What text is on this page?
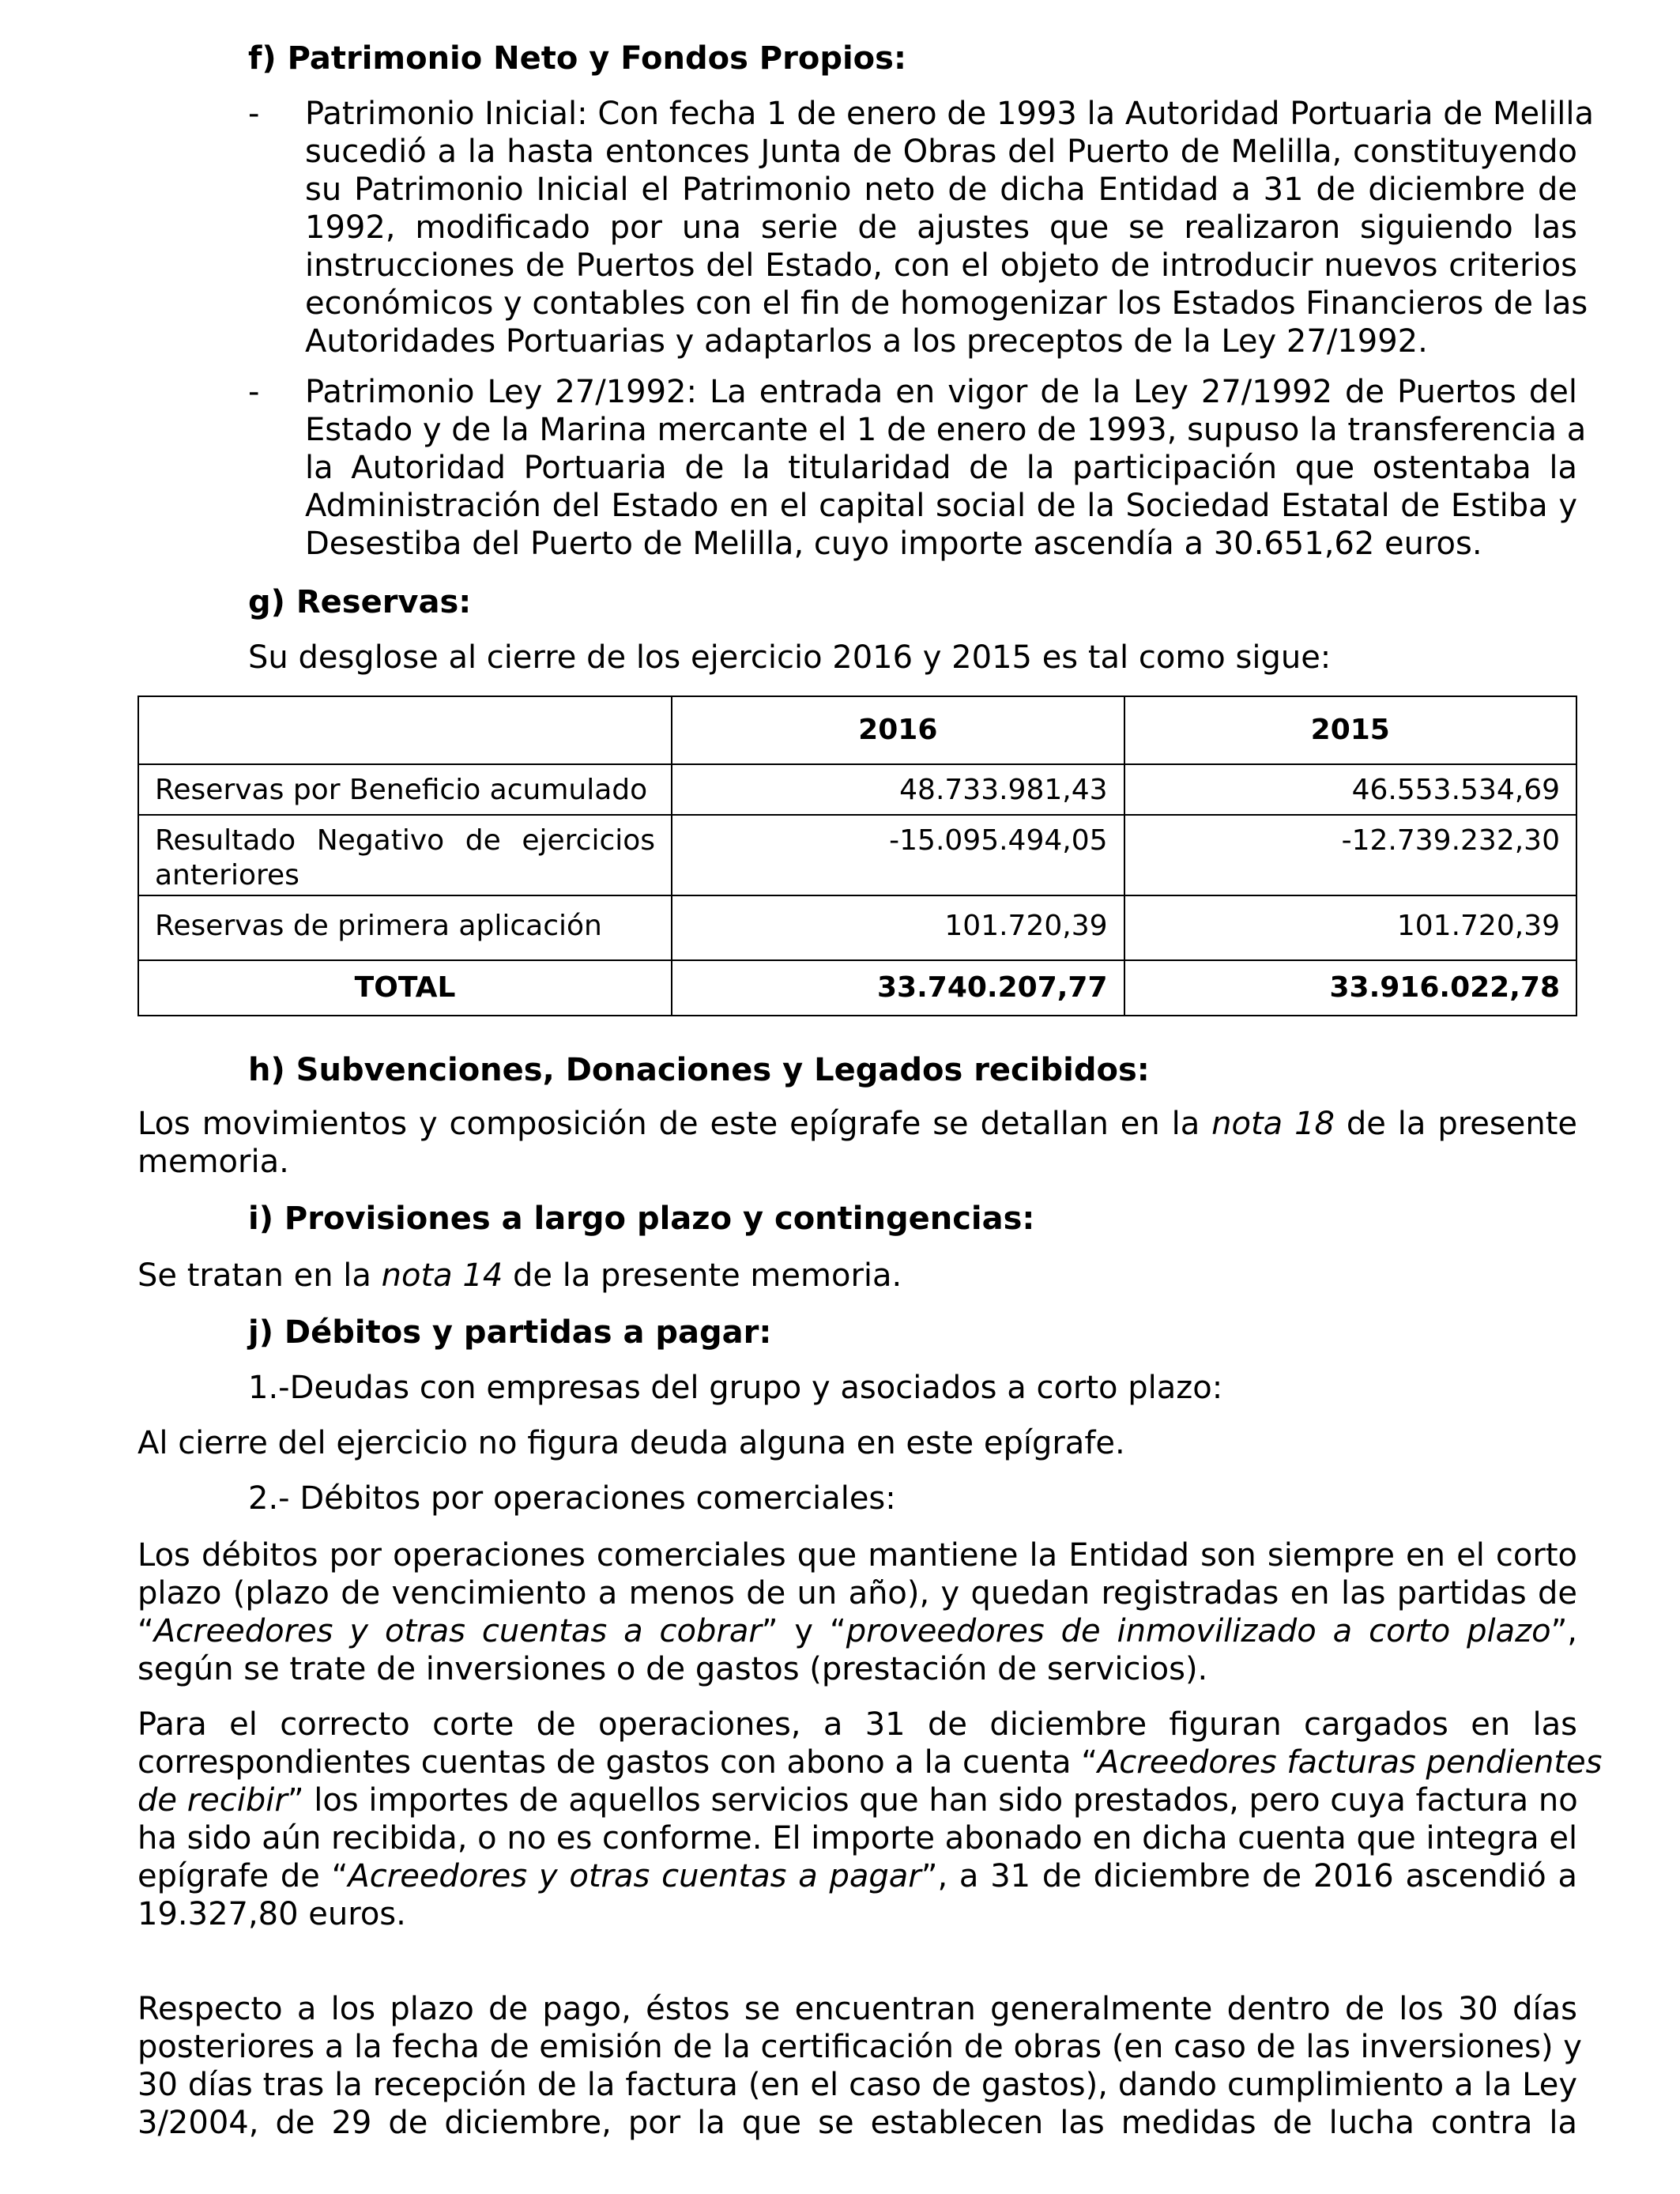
f) Patrimonio Neto y Fondos Propios:
- Patrimonio Inicial: Con fecha 1 de enero de 1993 la Autoridad Portuaria de Melilla
sucedió a la hasta entonces Junta de Obras del Puerto de Melilla, constituyendo
su Patrimonio Inicial el Patrimonio neto de dicha Entidad a 31 de diciembre de
1992, modificado por una serie de ajustes que se realizaron siguiendo las
instrucciones de Puertos del Estado, con el objeto de introducir nuevos criterios
económicos y contables con el fin de homogenizar los Estados Financieros de las
Autoridades Portuarias y adaptarlos a los preceptos de la Ley 27/1992.
- Patrimonio Ley 27/1992: La entrada en vigor de la Ley 27/1992 de Puertos del
Estado y de la Marina mercante el 1 de enero de 1993, supuso la transferencia a
la Autoridad Portuaria de la titularidad de la participación que ostentaba la
Administración del Estado en el capital social de la Sociedad Estatal de Estiba y
Desestiba del Puerto de Melilla, cuyo importe ascendía a 30.651,62 euros.
g) Reservas:

Su desglose al cierre de los ejercicio 2016 y 2015 es tal como sigue:

	2016	2015
Reservas por Beneficio acumulado	48.733.981,43	46.553.534,69
Resultado Negativo de ejercicios anteriores	-15.095.494,05	-12.739.232,30
Reservas de primera aplicación	101.720,39	101.720,39
TOTAL	33.740.207,77	33.916.022,78
h) Subvenciones, Donaciones y Legados recibidos:
Los movimientos y composición de este epígrafe se detallan en la nota 18 de la presente
memoria.
i) Provisiones a largo plazo y contingencias:

Se tratan en la nota 14 de la presente memoria.

j) Débitos y partidas a pagar:

1.-Deudas con empresas del grupo y asociados a corto plazo:

Al cierre del ejercicio no figura deuda alguna en este epígrafe.

2.- Débitos por operaciones comerciales:

Los débitos por operaciones comerciales que mantiene la Entidad son siempre en el corto
plazo (plazo de vencimiento a menos de un año), y quedan registradas en las partidas de
“Acreedores y otras cuentas a cobrar” y “proveedores de inmovilizado a corto plazo”,
según se trate de inversiones o de gastos (prestación de servicios).
Para el correcto corte de operaciones, a 31 de diciembre figuran cargados en las
correspondientes cuentas de gastos con abono a la cuenta “Acreedores facturas pendientes
de recibir” los importes de aquellos servicios que han sido prestados, pero cuya factura no
ha sido aún recibida, o no es conforme. El importe abonado en dicha cuenta que integra el
epígrafe de “Acreedores y otras cuentas a pagar”, a 31 de diciembre de 2016 ascendió a
19.327,80 euros.
Respecto a los plazo de pago, éstos se encuentran generalmente dentro de los 30 días
posteriores a la fecha de emisión de la certificación de obras (en caso de las inversiones) y
30 días tras la recepción de la factura (en el caso de gastos), dando cumplimiento a la Ley
3/2004, de 29 de diciembre, por la que se establecen las medidas de lucha contra la
